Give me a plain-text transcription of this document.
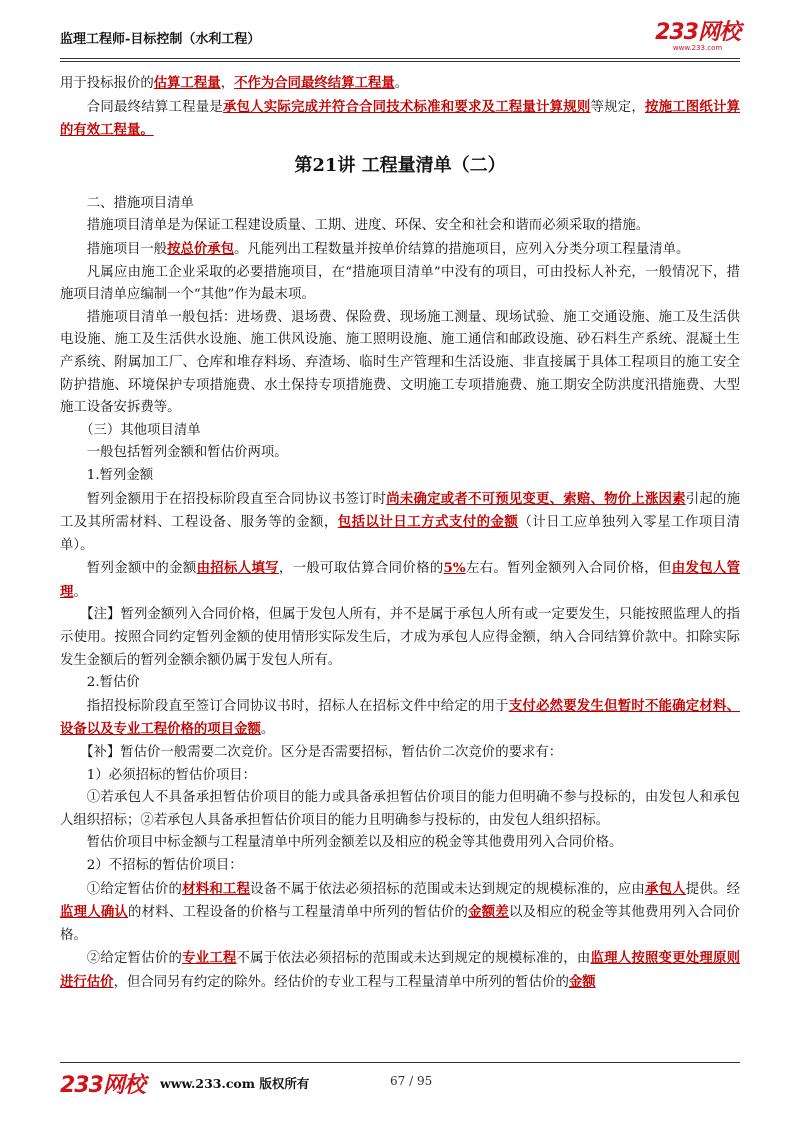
监理工程师-目标控制（水利工程）	233网校
www.233.com

用于投标报价的估算工程量，不作为合同最终结算工程量。

合同最终结算工程量是承包人实际完成并符合合同技术标准和要求及工程量计算规则等规定，按施工图纸计算的有效工程量。

第21讲 工程量清单（二）

二、措施项目清单

措施项目清单是为保证工程建设质量、工期、进度、环保、安全和社会和谐而必须采取的措施。

措施项目一般按总价承包。凡能列出工程数量并按单价结算的措施项目，应列入分类分项工程量清单。

凡属应由施工企业采取的必要措施项目，在“措施项目清单”中没有的项目，可由投标人补充，一般情况下，措施项目清单应编制一个“其他”作为最末项。

措施项目清单一般包括：进场费、退场费、保险费、现场施工测量、现场试验、施工交通设施、施工及生活供电设施、施工及生活供水设施、施工供风设施、施工照明设施、施工通信和邮政设施、砂石料生产系统、混凝土生产系统、附属加工厂、仓库和堆存料场、弃渣场、临时生产管理和生活设施、非直接属于具体工程项目的施工安全防护措施、环境保护专项措施费、水土保持专项措施费、文明施工专项措施费、施工期安全防洪度汛措施费、大型施工设备安拆费等。

（三）其他项目清单

一般包括暂列金额和暂估价两项。

1.暂列金额

暂列金额用于在招投标阶段直至合同协议书签订时尚未确定或者不可预见变更、索赔、物价上涨因素引起的施工及其所需材料、工程设备、服务等的金额，包括以计日工方式支付的金额（计日工应单独列入零星工作项目清单）。

暂列金额中的金额由招标人填写，一般可取估算合同价格的5%左右。暂列金额列入合同价格，但由发包人管理。

【注】暂列金额列入合同价格，但属于发包人所有，并不是属于承包人所有或一定要发生，只能按照监理人的指示使用。按照合同约定暂列金额的使用情形实际发生后，才成为承包人应得金额，纳入合同结算价款中。扣除实际发生金额后的暂列金额余额仍属于发包人所有。

2.暂估价

指招投标阶段直至签订合同协议书时，招标人在招标文件中给定的用于支付必然要发生但暂时不能确定材料、设备以及专业工程价格的项目金额。

【补】暂估价一般需要二次竞价。区分是否需要招标，暂估价二次竞价的要求有：

1）必须招标的暂估价项目：

①若承包人不具备承担暂估价项目的能力或具备承担暂估价项目的能力但明确不参与投标的，由发包人和承包人组织招标；②若承包人具备承担暂估价项目的能力且明确参与投标的，由发包人组织招标。

暂估价项目中标金额与工程量清单中所列金额差以及相应的税金等其他费用列入合同价格。

2）不招标的暂估价项目：

①给定暂估价的材料和工程设备不属于依法必须招标的范围或未达到规定的规模标准的，应由承包人提供。经监理人确认的材料、工程设备的价格与工程量清单中所列的暂估价的金额差以及相应的税金等其他费用列入合同价格。

②给定暂估价的专业工程不属于依法必须招标的范围或未达到规定的规模标准的，由监理人按照变更处理原则进行估价，但合同另有约定的除外。经估价的专业工程与工程量清单中所列的暂估价的金额

233网校 www.233.com 版权所有	67 / 95
